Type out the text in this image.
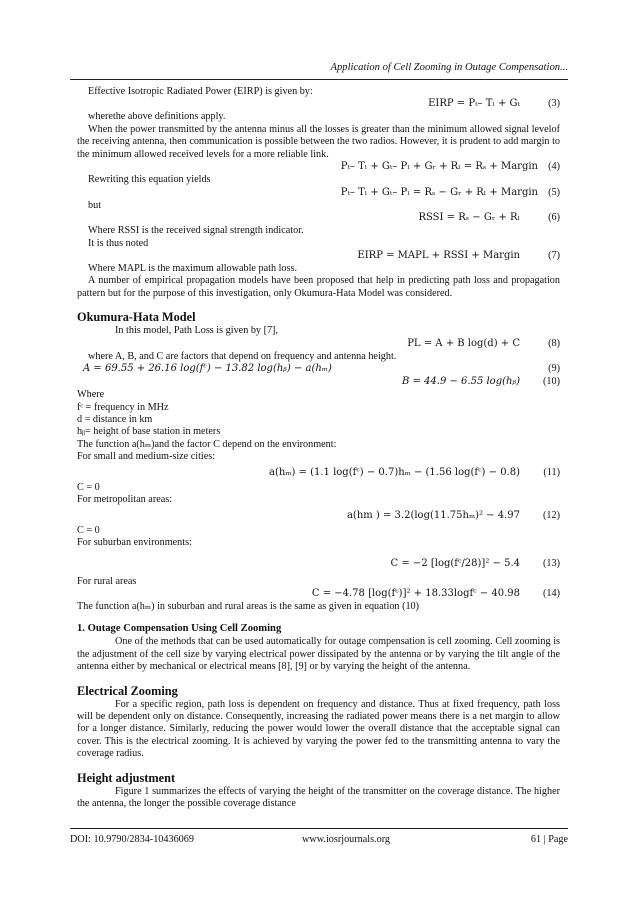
Application of Cell Zooming in Outage Compensation...

Effective Isotropic Radiated Power (EIRP) is given by:

EIRP = Pₜ– Tₗ + Gₜ	(3)

wherethe above definitions apply.

When the power transmitted by the antenna minus all the losses is greater than the minimum allowed signal levelof the receiving antenna, then communication is possible between the two radios. However, it is prudent to add margin to the minimum allowed received levels for a more reliable link.

Pₜ– Tₗ + Gₜ– Pₗ + Gᵣ + Rₗ = Rₛ + Margin (4)

Rewriting this equation yields

Pₜ– Tₗ + Gₜ– Pₗ = Rₛ − Gᵣ + Rₗ + Margin (5)

but

RSSI = Rₛ − Gᵣ + Rₗ	(6)

Where RSSI is the received signal strength indicator.

It is thus noted

EIRP = MAPL + RSSI + Margin	(7)

Where MAPL is the maximum allowable path loss.

A number of empirical propagation models have been proposed that help in predicting path loss and propagation pattern but for the purpose of this investigation, only Okumura-Hata Model was considered.

Okumura-Hata Model

In this model, Path Loss is given by [7],

PL = A + B log(d) + C	(8)

where A, B, and C are factors that depend on frequency and antenna height.

A = 69.55 + 26.16 log(fᶜ) − 13.82 log(hᵦ) − a(hₘ)	(9)
B = 44.9 − 6.55 log(hᵦ) (10)

Where

fᶜ = frequency in MHz

d = distance in km

hᵦ= height of base station in meters

The function a(hₘ)and the factor C depend on the environment:

For small and medium-size cities:

a(hₘ) = (1.1 log(fᶜ) − 0.7)hₘ − (1.56 log(fᶜ) − 0.8) (11)

C = 0

For metropolitan areas:

a(hm ) = 3.2(log(11.75hₘ)² − 4.97 (12)

C = 0

For suburban environments:

C = −2 [log(fᶜ/28)]² − 5.4 (13)

For rural areas

C = −4.78 [log(fᶜ)]² + 18.33logfᶜ − 40.98 (14)

The function a(hₘ) in suburban and rural areas is the same as given in equation (10)

1. Outage Compensation Using Cell Zooming

One of the methods that can be used automatically for outage compensation is cell zooming. Cell zooming is the adjustment of the cell size by varying electrical power dissipated by the antenna or by varying the tilt angle of the antenna either by mechanical or electrical means [8], [9] or by varying the height of the antenna.

Electrical Zooming

For a specific region, path loss is dependent on frequency and distance. Thus at fixed frequency, path loss will be dependent only on distance. Consequently, increasing the radiated power means there is a net margin to allow for a longer distance. Similarly, reducing the power would lower the overall distance that the acceptable signal can cover. This is the electrical zooming. It is achieved by varying the power fed to the transmitting antenna to vary the coverage radius.

Height adjustment

Figure 1 summarizes the effects of varying the height of the transmitter on the coverage distance. The higher the antenna, the longer the possible coverage distance

DOI: 10.9790/2834-10436069	www.iosrjournals.org	61 | Page
